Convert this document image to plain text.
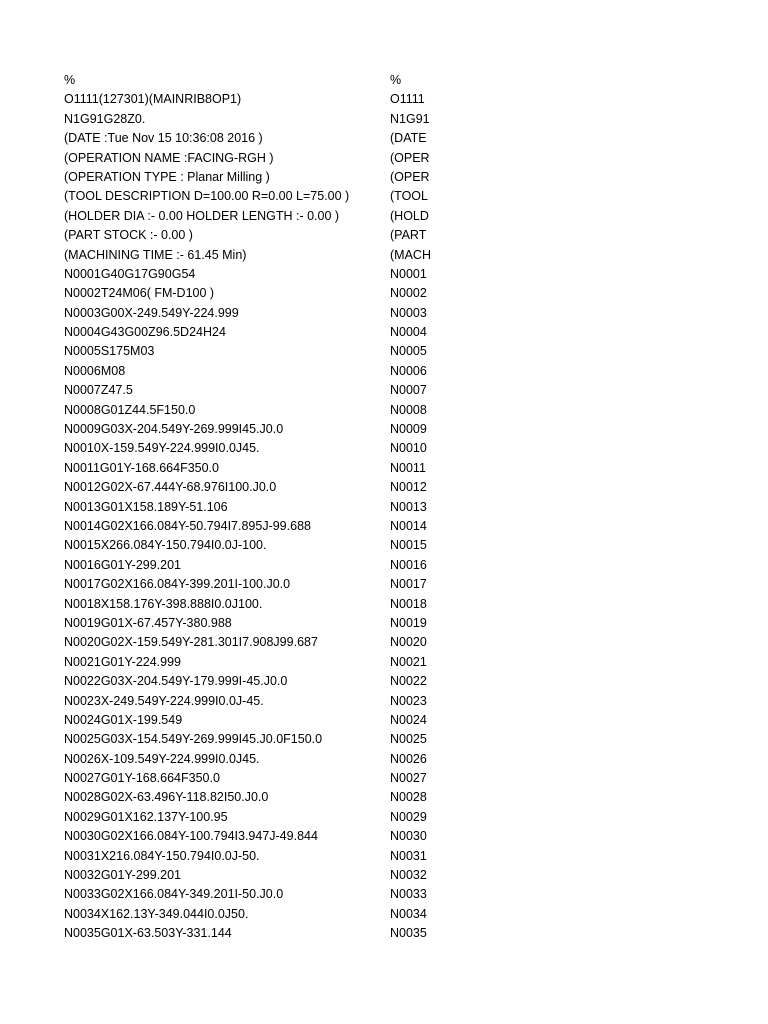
%
O1111(127301)(MAINRIB8OP1)
N1G91G28Z0.
(DATE :Tue Nov 15 10:36:08 2016 )
(OPERATION NAME :FACING-RGH )
(OPERATION TYPE : Planar Milling )
(TOOL DESCRIPTION D=100.00 R=0.00 L=75.00 )
(HOLDER DIA :- 0.00 HOLDER LENGTH :- 0.00 )
(PART STOCK :- 0.00 )
(MACHINING TIME :- 61.45 Min)
N0001G40G17G90G54
N0002T24M06( FM-D100 )
N0003G00X-249.549Y-224.999
N0004G43G00Z96.5D24H24
N0005S175M03
N0006M08
N0007Z47.5
N0008G01Z44.5F150.0
N0009G03X-204.549Y-269.999I45.J0.0
N0010X-159.549Y-224.999I0.0J45.
N0011G01Y-168.664F350.0
N0012G02X-67.444Y-68.976I100.J0.0
N0013G01X158.189Y-51.106
N0014G02X166.084Y-50.794I7.895J-99.688
N0015X266.084Y-150.794I0.0J-100.
N0016G01Y-299.201
N0017G02X166.084Y-399.201I-100.J0.0
N0018X158.176Y-398.888I0.0J100.
N0019G01X-67.457Y-380.988
N0020G02X-159.549Y-281.301I7.908J99.687
N0021G01Y-224.999
N0022G03X-204.549Y-179.999I-45.J0.0
N0023X-249.549Y-224.999I0.0J-45.
N0024G01X-199.549
N0025G03X-154.549Y-269.999I45.J0.0F150.0
N0026X-109.549Y-224.999I0.0J45.
N0027G01Y-168.664F350.0
N0028G02X-63.496Y-118.82I50.J0.0
N0029G01X162.137Y-100.95
N0030G02X166.084Y-100.794I3.947J-49.844
N0031X216.084Y-150.794I0.0J-50.
N0032G01Y-299.201
N0033G02X166.084Y-349.201I-50.J0.0
N0034X162.13Y-349.044I0.0J50.
N0035G01X-63.503Y-331.144
%
O1111
N1G91
(DATE
(OPER
(OPER
(TOOL
(HOLD
(PART
(MACH
N0001
N0002
N0003
N0004
N0005
N0006
N0007
N0008
N0009
N0010
N0011
N0012
N0013
N0014
N0015
N0016
N0017
N0018
N0019
N0020
N0021
N0022
N0023
N0024
N0025
N0026
N0027
N0028
N0029
N0030
N0031
N0032
N0033
N0034
N0035
